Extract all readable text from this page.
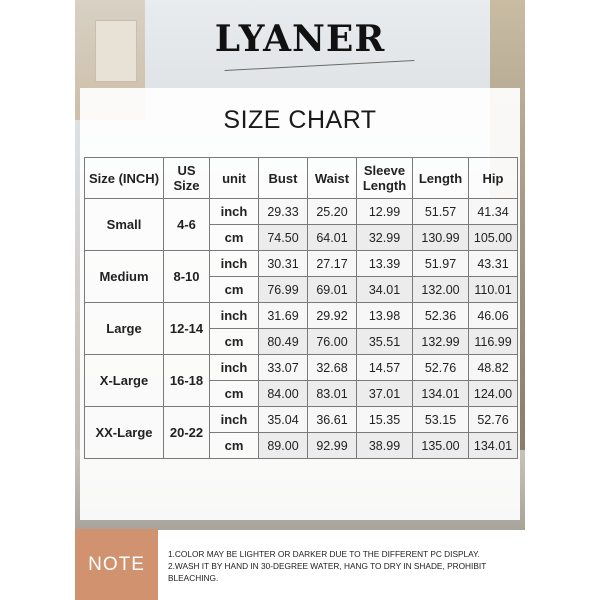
LYANER
SIZE CHART
Size (INCH)	US Size	unit	Bust	Waist	Sleeve Length	Length	Hip
Small	4-6	inch	29.33	25.20	12.99	51.57	41.34
		cm	74.50	64.01	32.99	130.99	105.00
Medium	8-10	inch	30.31	27.17	13.39	51.97	43.31
		cm	76.99	69.01	34.01	132.00	110.01
Large	12-14	inch	31.69	29.92	13.98	52.36	46.06
		cm	80.49	76.00	35.51	132.99	116.99
X-Large	16-18	inch	33.07	32.68	14.57	52.76	48.82
		cm	84.00	83.01	37.01	134.01	124.00
XX-Large	20-22	inch	35.04	36.61	15.35	53.15	52.76
		cm	89.00	92.99	38.99	135.00	134.01
NOTE	1.COLOR MAY BE LIGHTER OR DARKER DUE TO THE DIFFERENT PC DISPLAY.
2.WASH IT BY HAND IN 30-DEGREE WATER, HANG TO DRY IN SHADE, PROHIBIT BLEACHING.
